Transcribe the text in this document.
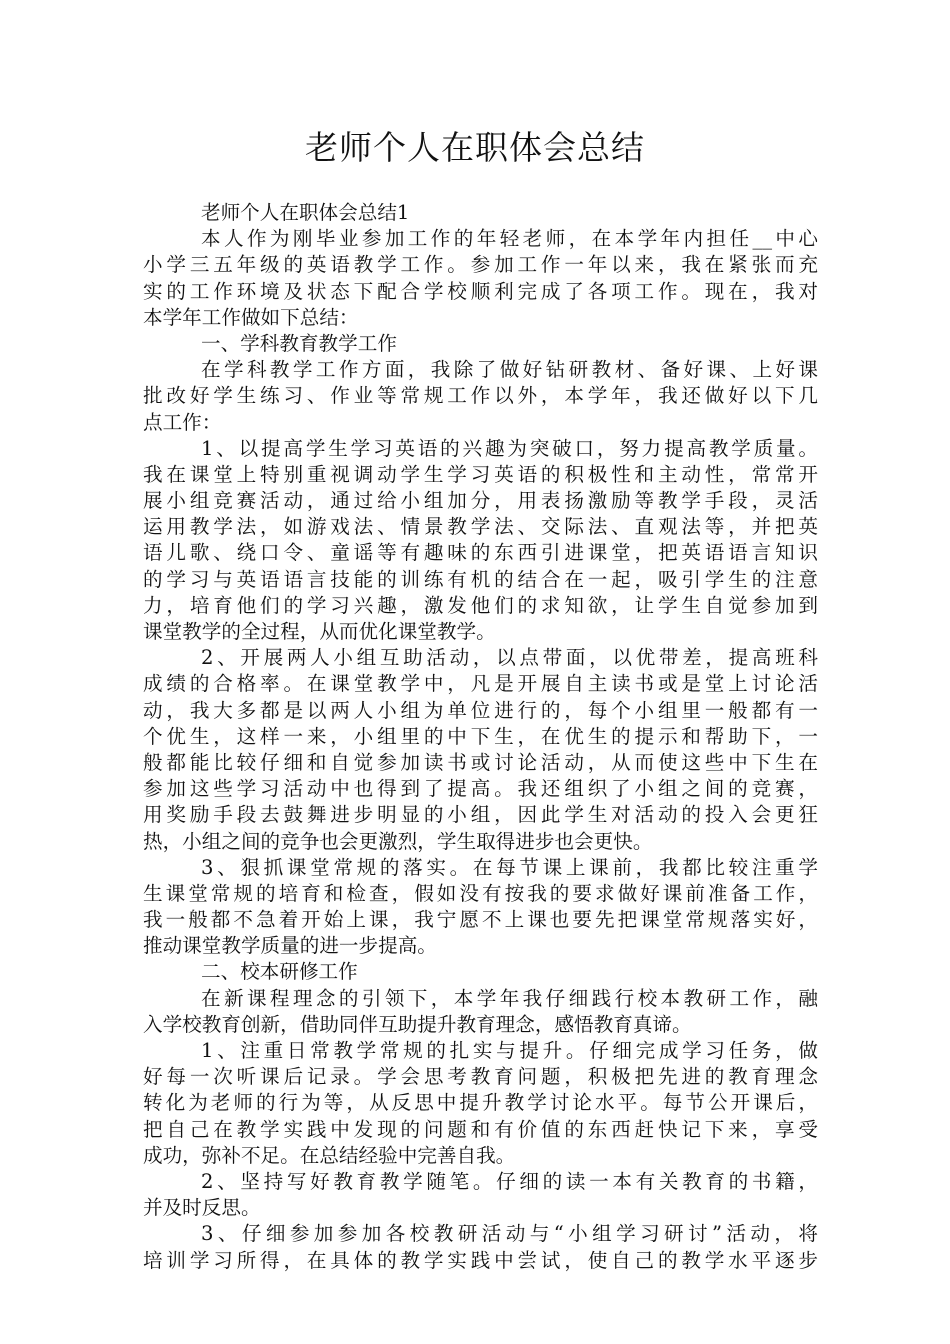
老师个人在职体会总结
老师个人在职体会总结1
本人作为刚毕业参加工作的年轻老师，在本学年内担任__中心
小学三五年级的英语教学工作。参加工作一年以来，我在紧张而充
实的工作环境及状态下配合学校顺利完成了各项工作。现在，我对
本学年工作做如下总结：
一、学科教育教学工作
在学科教学工作方面，我除了做好钻研教材、备好课、上好课
批改好学生练习、作业等常规工作以外，本学年，我还做好以下几
点工作：
1、以提高学生学习英语的兴趣为突破口，努力提高教学质量。
我在课堂上特别重视调动学生学习英语的积极性和主动性，常常开
展小组竞赛活动，通过给小组加分，用表扬激励等教学手段，灵活
运用教学法，如游戏法、情景教学法、交际法、直观法等，并把英
语儿歌、绕口令、童谣等有趣味的东西引进课堂，把英语语言知识
的学习与英语语言技能的训练有机的结合在一起，吸引学生的注意
力，培育他们的学习兴趣，激发他们的求知欲，让学生自觉参加到
课堂教学的全过程，从而优化课堂教学。
2、开展两人小组互助活动，以点带面，以优带差，提高班科
成绩的合格率。在课堂教学中，凡是开展自主读书或是堂上讨论活
动，我大多都是以两人小组为单位进行的，每个小组里一般都有一
个优生，这样一来，小组里的中下生，在优生的提示和帮助下，一
般都能比较仔细和自觉参加读书或讨论活动，从而使这些中下生在
参加这些学习活动中也得到了提高。我还组织了小组之间的竞赛，
用奖励手段去鼓舞进步明显的小组，因此学生对活动的投入会更狂
热，小组之间的竞争也会更激烈，学生取得进步也会更快。
3、狠抓课堂常规的落实。在每节课上课前，我都比较注重学
生课堂常规的培育和检查，假如没有按我的要求做好课前准备工作，
我一般都不急着开始上课，我宁愿不上课也要先把课堂常规落实好，
推动课堂教学质量的进一步提高。
二、校本研修工作
在新课程理念的引领下，本学年我仔细践行校本教研工作，融
入学校教育创新，借助同伴互助提升教育理念，感悟教育真谛。
1、注重日常教学常规的扎实与提升。仔细完成学习任务，做
好每一次听课后记录。学会思考教育问题，积极把先进的教育理念
转化为老师的行为等，从反思中提升教学讨论水平。每节公开课后，
把自己在教学实践中发现的问题和有价值的东西赶快记下来，享受
成功，弥补不足。在总结经验中完善自我。
2、坚持写好教育教学随笔。仔细的读一本有关教育的书籍，
并及时反思。
3、仔细参加参加各校教研活动与“小组学习研讨”活动，将
培训学习所得，在具体的教学实践中尝试，使自己的教学水平逐步
